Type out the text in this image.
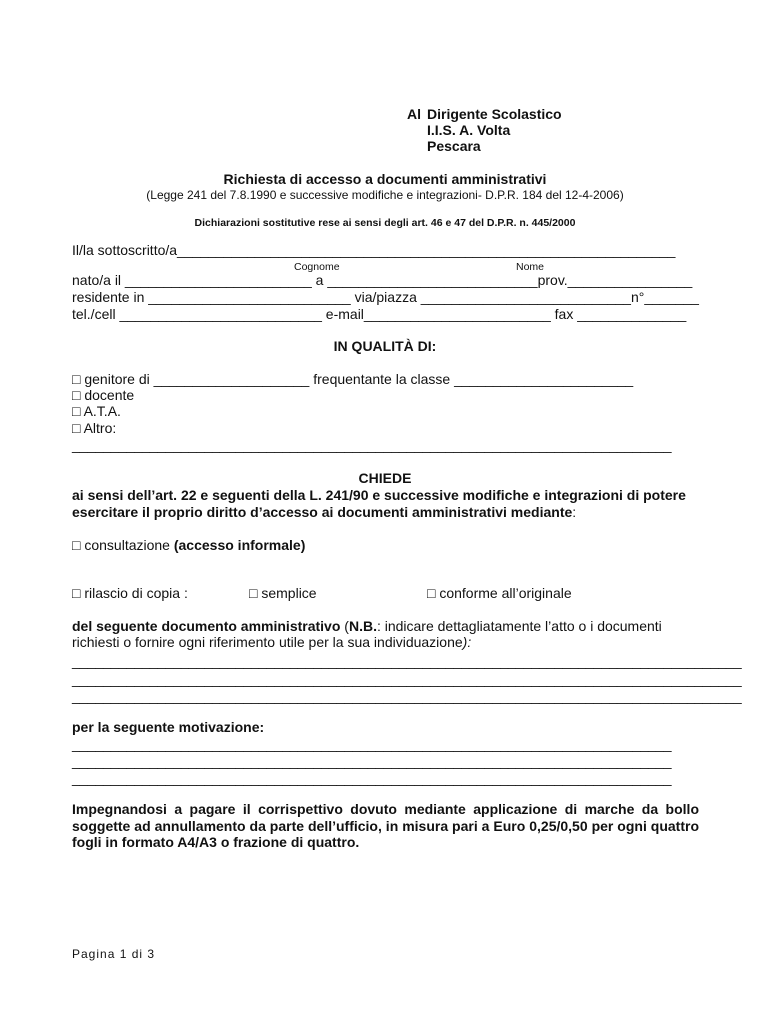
Al Dirigente Scolastico
I.I.S. A. Volta
Pescara
Richiesta di accesso a documenti amministrativi
(Legge 241 del 7.8.1990 e successive modifiche e integrazioni- D.P.R. 184 del 12-4-2006)
Dichiarazioni sostitutive rese ai sensi degli art. 46 e 47 del D.P.R. n. 445/2000
Il/la sottoscritto/a________________________________________________________________
Cognome	Nome
nato/a il ________________________ a ___________________________prov.________________
residente in __________________________ via/piazza ___________________________n°_______
tel./cell __________________________ e-mail________________________ fax ______________
IN QUALITÀ DI:
□ genitore di ____________________ frequentante la classe _______________________
□ docente
□ A.T.A.
□ Altro:
_____________________________________________________________________________
CHIEDE
ai sensi dell’art. 22 e seguenti della L. 241/90 e successive modifiche e integrazioni di potere
esercitare il proprio diritto d’accesso ai documenti amministrativi mediante:
□ consultazione (accesso informale)
□ rilascio di copia :	□ semplice	□ conforme all’originale
del seguente documento amministrativo (N.B.: indicare dettagliatamente l’atto o i documenti
richiesti o fornire ogni riferimento utile per la sua individuazione):
______________________________________________________________________________________
______________________________________________________________________________________
______________________________________________________________________________________
per la seguente motivazione:
_____________________________________________________________________________
_____________________________________________________________________________
_____________________________________________________________________________
Impegnandosi a pagare il corrispettivo dovuto mediante applicazione di marche da bollo
soggette ad annullamento da parte dell’ufficio, in misura pari a Euro 0,25/0,50 per ogni quattro
fogli in formato A4/A3 o frazione di quattro.
Pagina 1 di 3
